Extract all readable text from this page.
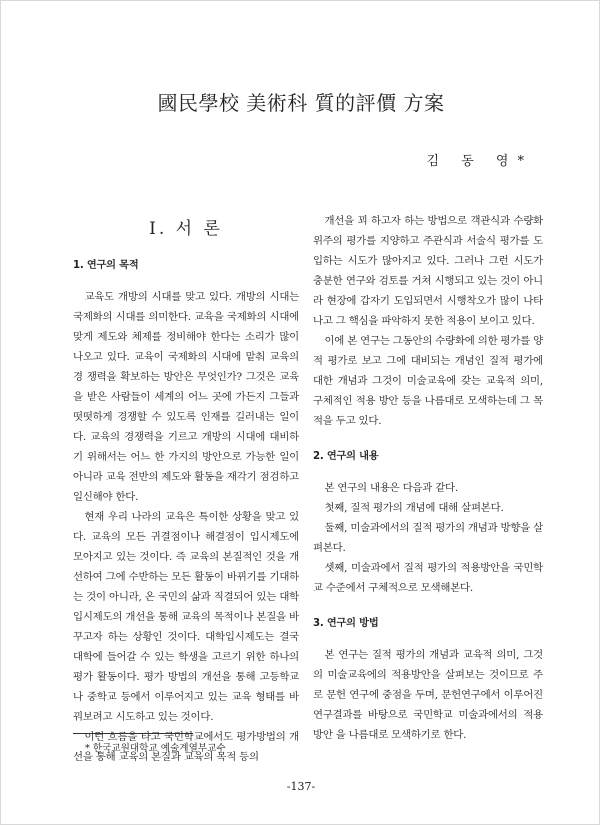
國民學校 美術科 質的評價 方案
김 동 영*
Ⅰ. 서 론
1. 연구의 목적

교육도 개방의 시대를 맞고 있다. 개방의 시대는 국제화의 시대를 의미한다. 교육을 국제화의 시대에 맞게 제도와 체제를 정비해야 한다는 소리가 많이 나오고 있다. 교육이 국제화의 시대에 맡춰 교육의 경 쟁력을 확보하는 방안은 무엇인가? 그것은 교육을 받은 사람들이 세계의 어느 곳에 가든지 그들과 떳떳하게 경쟁할 수 있도록 인재를 길러내는 일이다. 교육의 경쟁력을 기르고 개방의 시대에 대비하기 위해서는 어느 한 가지의 방안으로 가능한 일이 아니라 교육 전반의 제도와 활동을 재각기 점검하고 일신해야 한다.

현재 우리 나라의 교육은 특이한 상황을 맞고 있다. 교육의 모든 귀결점이나 해결점이 입시제도에 모아지고 있는 것이다. 즉 교육의 본질적인 것을 개선하여 그에 수반하는 모든 활동이 바뀌기를 기대하는 것이 아니라, 온 국민의 삶과 직결되어 있는 대학입시제도의 개선을 통해 교육의 목적이나 본질을 바꾸고자 하는 상황인 것이다. 대학입시제도는 결국 대학에 들어갈 수 있는 학생을 고르기 위한 하나의 평가 활동이다. 평가 방법의 개선을 통해 고등학교나 중학교 등에서 이루어지고 있는 교육 형태를 바꿔보려고 시도하고 있는 것이다.

이런 흐름을 타고 국민학교에서도 평가방법의 개선을 통해 교육의 본질과 교육의 목적 등의

개선을 꾀 하고자 하는 방법으로 객관식과 수량화 위주의 평가를 지양하고 주관식과 서술식 평가를 도입하는 시도가 많아지고 있다. 그러나 그런 시도가 충분한 연구와 검토를 거쳐 시행되고 있는 것이 아니라 현장에 갑자기 도입되면서 시행착오가 많이 나타나고 그 핵심을 파악하지 못한 적용이 보이고 있다.

이에 본 연구는 그동안의 수량화에 의한 평가를 양적 평가로 보고 그에 대비되는 개념인 질적 평가에 대한 개념과 그것이 미술교육에 갖는 교육적 의미, 구체적인 적용 방안 등을 나름대로 모색하는데 그 목적을 두고 있다.

2. 연구의 내용

본 연구의 내용은 다음과 같다.

첫째, 질적 평가의 개념에 대해 살펴본다.

둘째, 미술과에서의 질적 평가의 개념과 방향을 살펴본다.

셋째, 미술과에서 질적 평가의 적용방안을 국민학교 수준에서 구체적으로 모색해본다.

3. 연구의 방법

본 연구는 질적 평가의 개념과 교육적 의미, 그것의 미술교육에의 적용방안을 살펴보는 것이므로 주로 문헌 연구에 중점을 두며, 문헌연구에서 이루어진 연구결과를 바탕으로 국민학교 미술과에서의 적용 방안 을 나름대로 모색하기로 한다.

* 한국교원대학교 예술계열부교수
-137-
